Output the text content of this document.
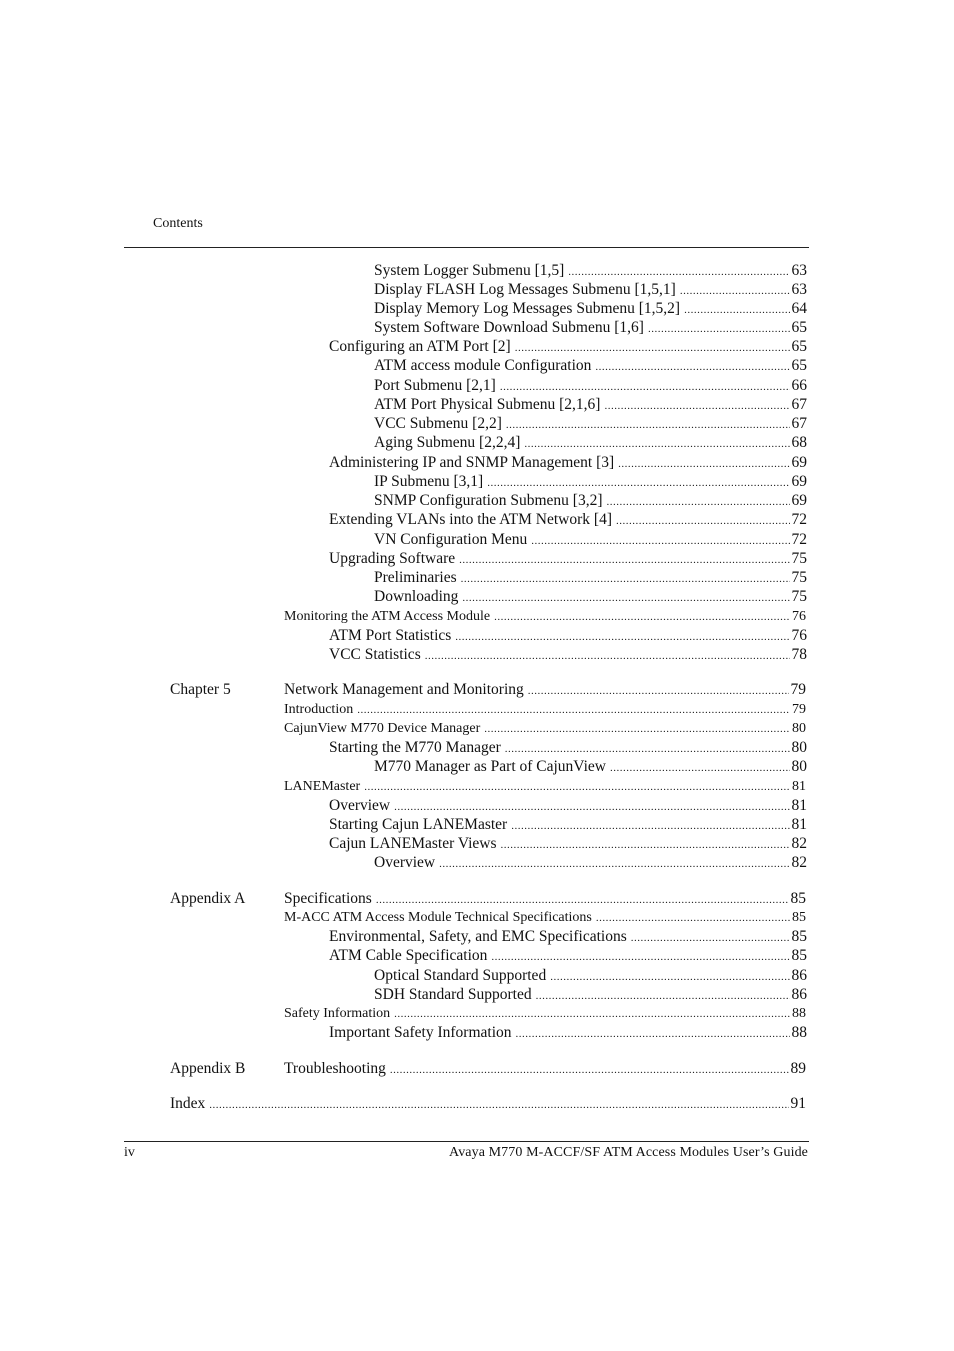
Contents
System Logger Submenu [1,5] .....	63
Display FLASH Log Messages Submenu [1,5,1] .....	63
Display Memory Log Messages Submenu [1,5,2] .....	64
System Software Download Submenu [1,6] .....	65
Configuring an ATM Port [2] .....	65
ATM access module Configuration .....	65
Port Submenu [2,1] .....	66
ATM Port Physical Submenu [2,1,6] .....	67
VCC Submenu [2,2] .....	67
Aging Submenu [2,2,4] .....	68
Administering IP and SNMP Management [3] .....	69
IP Submenu [3,1] .....	69
SNMP Configuration Submenu [3,2] .....	69
Extending VLANs into the ATM Network [4] .....	72
VN Configuration Menu .....	72
Upgrading Software .....	75
Preliminaries .....	75
Downloading .....	75
Monitoring the ATM Access Module .....	76
ATM Port Statistics .....	76
VCC Statistics .....	78
Chapter 5	Network Management and Monitoring .....	79
Introduction .....	79
CajunView M770 Device Manager .....	80
Starting the M770 Manager .....	80
M770 Manager as Part of CajunView .....	80
LANEMaster .....	81
Overview .....	81
Starting Cajun LANEMaster .....	81
Cajun LANEMaster Views .....	82
Overview .....	82
Appendix A Specifications .....	85
M-ACC ATM Access Module Technical Specifications .....	85
Environmental, Safety, and EMC Specifications .....	85
ATM Cable Specification .....	85
Optical Standard Supported .....	86
SDH Standard Supported .....	86
Safety Information .....	88
Important Safety Information .....	88
Appendix B Troubleshooting .....	89
Index .....	91
iv	Avaya M770 M-ACCF/SF ATM Access Modules User’s Guide
